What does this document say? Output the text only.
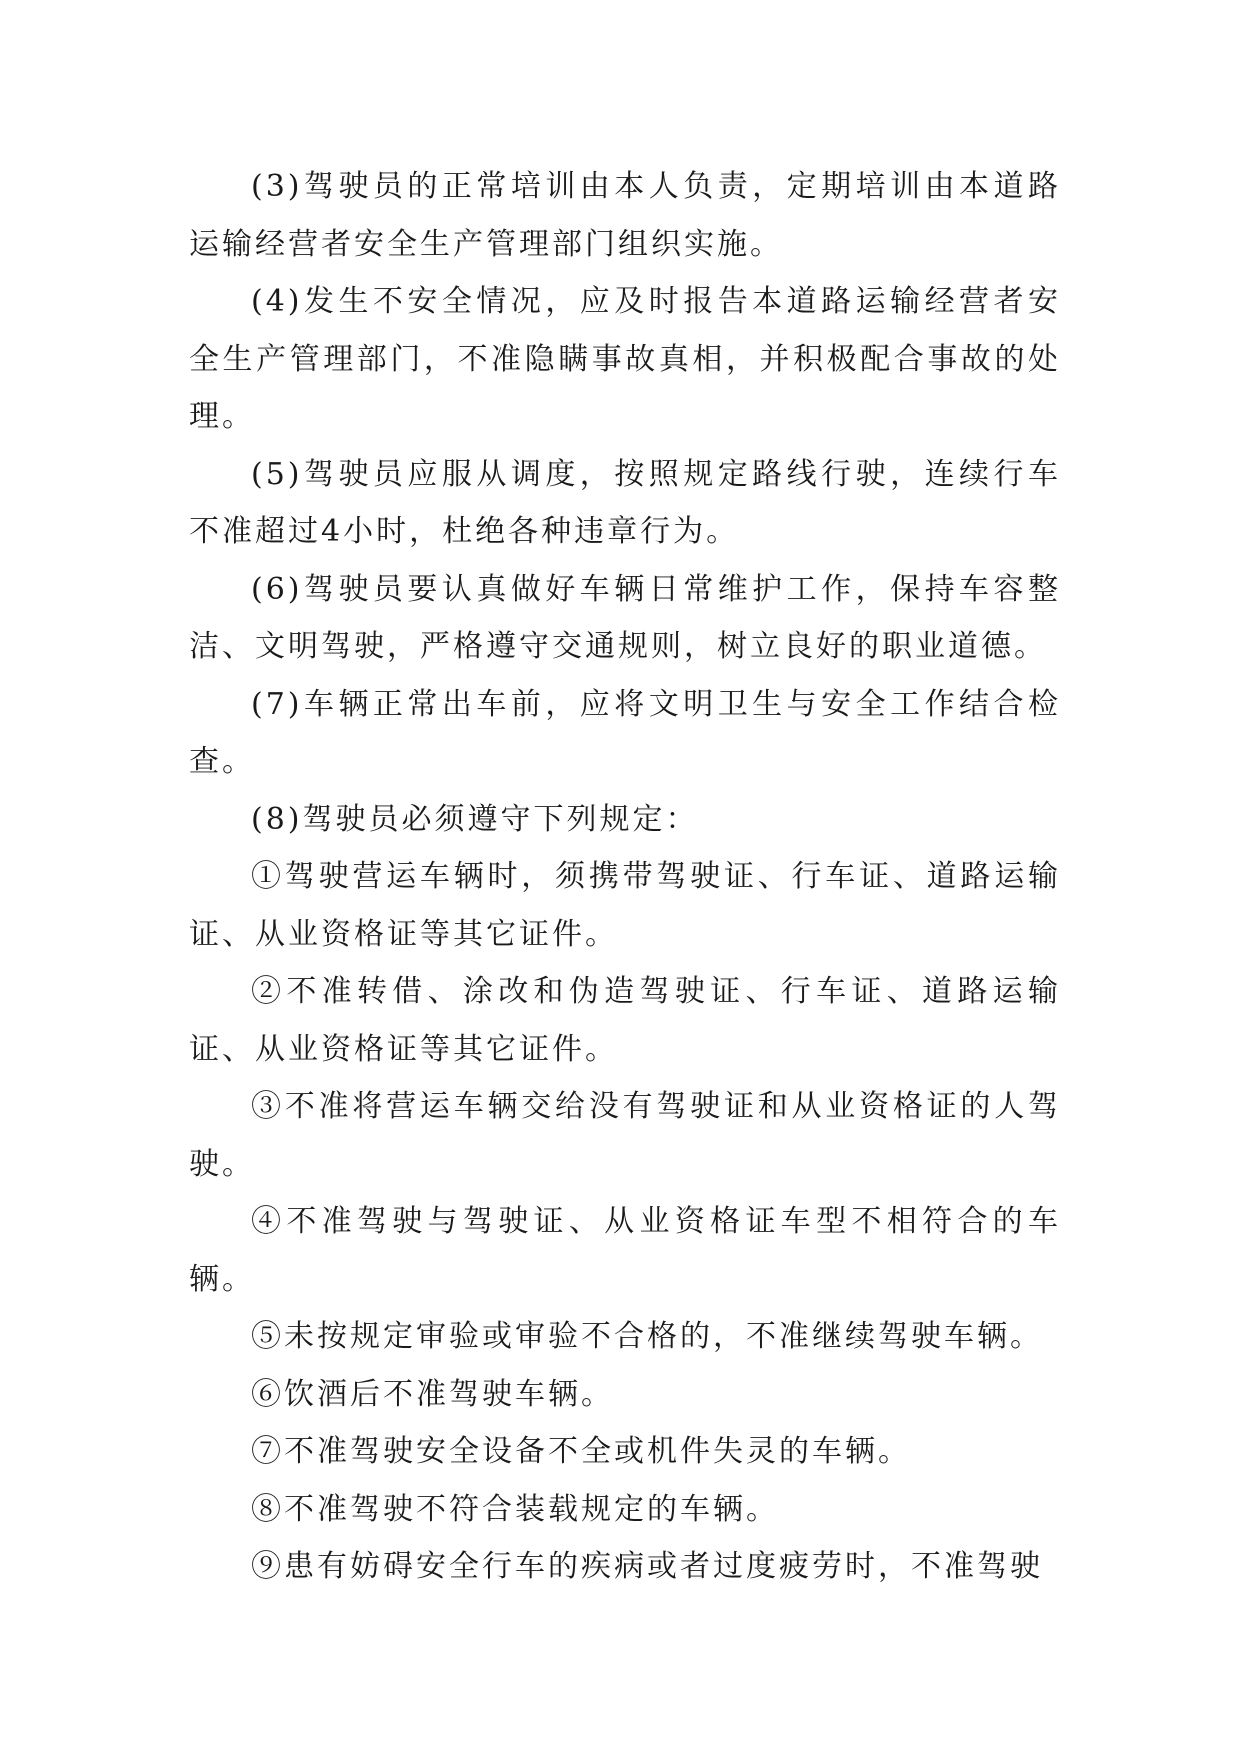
(3)驾驶员的正常培训由本人负责，定期培训由本道路运输经营者安全生产管理部门组织实施。

(4)发生不安全情况，应及时报告本道路运输经营者安全生产管理部门，不准隐瞒事故真相，并积极配合事故的处理。

(5)驾驶员应服从调度，按照规定路线行驶，连续行车不准超过4小时，杜绝各种违章行为。

(6)驾驶员要认真做好车辆日常维护工作，保持车容整洁、文明驾驶，严格遵守交通规则，树立良好的职业道德。

(7)车辆正常出车前，应将文明卫生与安全工作结合检查。

(8)驾驶员必须遵守下列规定：

①驾驶营运车辆时，须携带驾驶证、行车证、道路运输证、从业资格证等其它证件。

②不准转借、涂改和伪造驾驶证、行车证、道路运输证、从业资格证等其它证件。

③不准将营运车辆交给没有驾驶证和从业资格证的人驾驶。

④不准驾驶与驾驶证、从业资格证车型不相符合的车辆。

⑤未按规定审验或审验不合格的，不准继续驾驶车辆。

⑥饮酒后不准驾驶车辆。

⑦不准驾驶安全设备不全或机件失灵的车辆。

⑧不准驾驶不符合装载规定的车辆。

⑨患有妨碍安全行车的疾病或者过度疲劳时，不准驾驶
